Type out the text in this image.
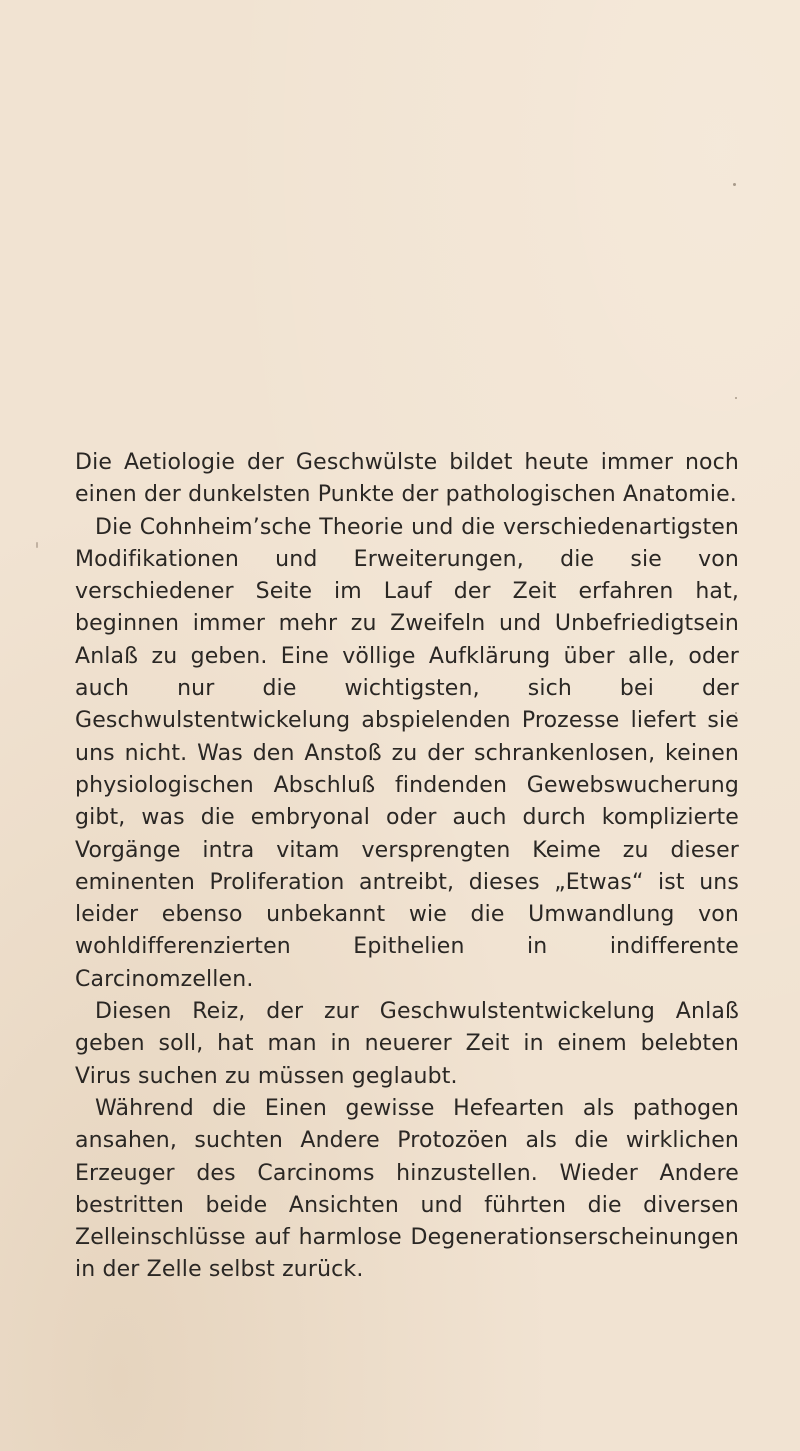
Die Aetiologie der Geschwülste bildet heute immer noch einen der dunkelsten Punkte der pathologischen Anatomie.

Die Cohnheim’sche Theorie und die verschiedenartigsten Modifikationen und Erweiterungen, die sie von verschiedener Seite im Lauf der Zeit erfahren hat, beginnen immer mehr zu Zweifeln und Unbefriedigtsein Anlaß zu geben. Eine völlige Aufklärung über alle, oder auch nur die wichtigsten, sich bei der Geschwulstentwickelung abspielenden Prozesse liefert sie uns nicht. Was den Anstoß zu der schrankenlosen, keinen physiologischen Abschluß findenden Gewebswucherung gibt, was die embryonal oder auch durch komplizierte Vorgänge intra vitam versprengten Keime zu dieser eminenten Proliferation antreibt, dieses „Etwas“ ist uns leider ebenso unbekannt wie die Umwandlung von wohldifferenzierten Epithelien in indifferente Carcinomzellen.

Diesen Reiz, der zur Geschwulstentwickelung Anlaß geben soll, hat man in neuerer Zeit in einem belebten Virus suchen zu müssen geglaubt.

Während die Einen gewisse Hefearten als pathogen ansahen, suchten Andere Protozöen als die wirklichen Erzeuger des Carcinoms hinzustellen. Wieder Andere bestritten beide Ansichten und führten die diversen Zelleinschlüsse auf harmlose Degenerationserscheinungen in der Zelle selbst zurück.
